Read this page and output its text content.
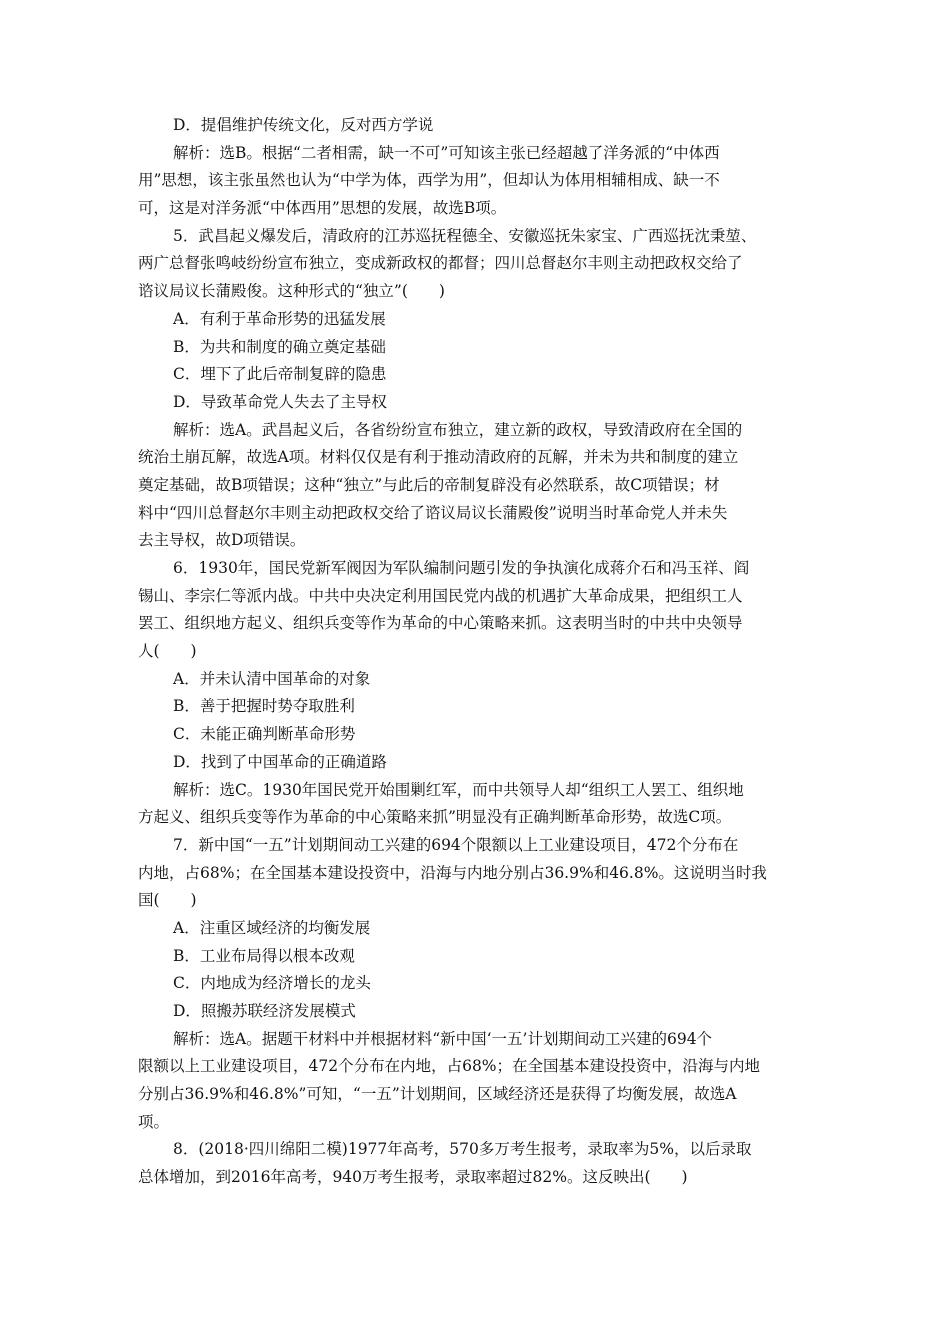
D．提倡维护传统文化，反对西方学说

解析：选B。根据“二者相需，缺一不可”可知该主张已经超越了洋务派的“中体西

用”思想，该主张虽然也认为“中学为体，西学为用”，但却认为体用相辅相成、缺一不

可，这是对洋务派“中体西用”思想的发展，故选B项。

5．武昌起义爆发后，清政府的江苏巡抚程德全、安徽巡抚朱家宝、广西巡抚沈秉堃、

两广总督张鸣岐纷纷宣布独立，变成新政权的都督；四川总督赵尔丰则主动把政权交给了

谘议局议长蒲殿俊。这种形式的“独立”(　　)

A．有利于革命形势的迅猛发展

B．为共和制度的确立奠定基础

C．埋下了此后帝制复辟的隐患

D．导致革命党人失去了主导权

解析：选A。武昌起义后，各省纷纷宣布独立，建立新的政权，导致清政府在全国的

统治土崩瓦解，故选A项。材料仅仅是有利于推动清政府的瓦解，并未为共和制度的建立

奠定基础，故B项错误；这种“独立”与此后的帝制复辟没有必然联系，故C项错误；材

料中“四川总督赵尔丰则主动把政权交给了谘议局议长蒲殿俊”说明当时革命党人并未失

去主导权，故D项错误。

6．1930年，国民党新军阀因为军队编制问题引发的争执演化成蒋介石和冯玉祥、阎

锡山、李宗仁等派内战。中共中央决定利用国民党内战的机遇扩大革命成果，把组织工人

罢工、组织地方起义、组织兵变等作为革命的中心策略来抓。这表明当时的中共中央领导

人(　　)

A．并未认清中国革命的对象

B．善于把握时势夺取胜利

C．未能正确判断革命形势

D．找到了中国革命的正确道路

解析：选C。1930年国民党开始围剿红军，而中共领导人却“组织工人罢工、组织地

方起义、组织兵变等作为革命的中心策略来抓”明显没有正确判断革命形势，故选C项。

7．新中国“一五”计划期间动工兴建的694个限额以上工业建设项目，472个分布在

内地，占68%；在全国基本建设投资中，沿海与内地分别占36.9%和46.8%。这说明当时我

国(　　)

A．注重区域经济的均衡发展

B．工业布局得以根本改观

C．内地成为经济增长的龙头

D．照搬苏联经济发展模式

解析：选A。据题干材料中并根据材料“新中国‘一五’计划期间动工兴建的694个

限额以上工业建设项目，472个分布在内地，占68%；在全国基本建设投资中，沿海与内地

分别占36.9%和46.8%”可知，“一五”计划期间，区域经济还是获得了均衡发展，故选A

项。

8．(2018·四川绵阳二模)1977年高考，570多万考生报考，录取率为5%，以后录取

总体增加，到2016年高考，940万考生报考，录取率超过82%。这反映出(　　)
